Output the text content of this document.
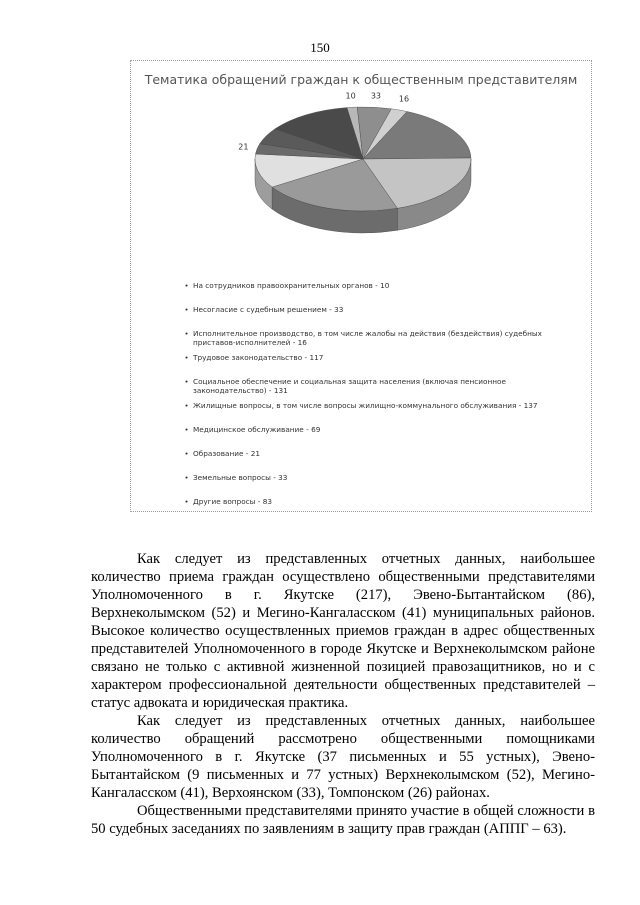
150
Тематика обращений граждан к общественным представителям
10	16
33
21
• На сотрудников правоохранительных органов - 10
• Несогласие с судебным решением - 33
• Исполнительное производство, в том числе жалобы на действия (бездействия) судебных приставов-исполнителей - 16
• Трудовое законодательство - 117
• Социальное обеспечение и социальная защита населения (включая пенсионное законодательство) - 131
• Жилищные вопросы, в том числе вопросы жилищно-коммунального обслуживания - 137
• Медицинское обслуживание - 69
• Образование - 21
• Земельные вопросы - 33
• Другие вопросы - 83

Как следует из представленных отчетных данных, наибольшее количество приема граждан осуществлено общественными представителями Уполномоченного в г. Якутске (217), Эвено-Бытантайском (86), Верхнеколымском (52) и Мегино-Кангаласском (41) муниципальных районов. Высокое количество осуществленных приемов граждан в адрес общественных представителей Уполномоченного в городе Якутске и Верхнеколымском районе связано не только с активной жизненной позицией правозащитников, но и с характером профессиональной деятельности общественных представителей – статус адвоката и юридическая практика.

Как следует из представленных отчетных данных, наибольшее количество обращений рассмотрено общественными помощниками Уполномоченного в г. Якутске (37 письменных и 55 устных), Эвено-Бытантайском (9 письменных и 77 устных) Верхнеколымском (52), Мегино-Кангаласском (41), Верхоянском (33), Томпонском (26) районах.

Общественными представителями принято участие в общей сложности в 50 судебных заседаниях по заявлениям в защиту прав граждан (АППГ – 63).
